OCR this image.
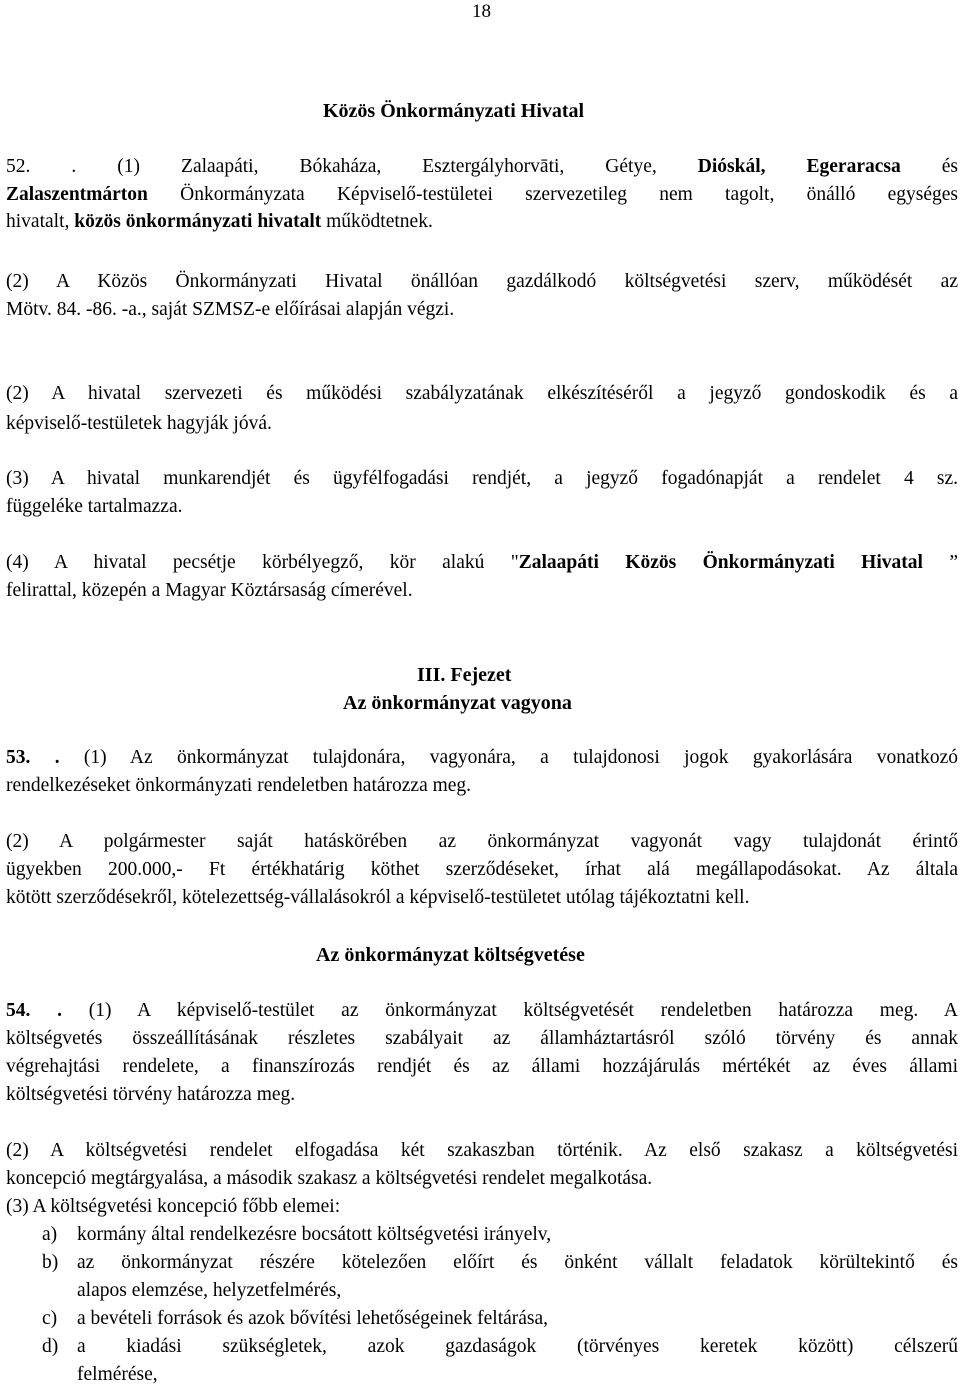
18
Közös Önkormányzati Hivatal
52. . (1) Zalaapáti, Bókaháza, Esztergályhorvāti, Gétye, Dióskál, Egeraracsa és
Zalaszentmárton Önkormányzata Képviselő-testületei szervezetileg nem tagolt, önálló egységes
hivatalt, közös önkormányzati hivatalt működtetnek.
(2) A Közös Önkormányzati Hivatal önállóan gazdálkodó költségvetési szerv, működését az
Mötv. 84. -86. -a., saját SZMSZ-e előírásai alapján végzi.
(2) A hivatal szervezeti és működési szabályzatának elkészítéséről a jegyző gondoskodik és a
képviselő-testületek hagyják jóvá.
(3) A hivatal munkarendjét és ügyfélfogadási rendjét, a jegyző fogadónapját a rendelet 4 sz.
függeléke tartalmazza.
(4) A hivatal pecsétje körbélyegző, kör alakú "Zalaapáti Közös Önkormányzati Hivatal ”
felirattal, közepén a Magyar Köztársaság címerével.
III. Fejezet
Az önkormányzat vagyona
53. . (1) Az önkormányzat tulajdonára, vagyonára, a tulajdonosi jogok gyakorlására vonatkozó
rendelkezéseket önkormányzati rendeletben határozza meg.
(2) A polgármester saját hatáskörében az önkormányzat vagyonát vagy tulajdonát érintő
ügyekben 200.000,- Ft értékhatárig köthet szerződéseket, írhat alá megállapodásokat. Az általa
kötött szerződésekről, kötelezettség-vállalásokról a képviselő-testületet utólag tájékoztatni kell.
Az önkormányzat költségvetése
54. . (1) A képviselő-testület az önkormányzat költségvetését rendeletben határozza meg. A
költségvetés összeállításának részletes szabályait az államháztartásról szóló törvény és annak
végrehajtási rendelete, a finanszírozás rendjét és az állami hozzájárulás mértékét az éves állami
költségvetési törvény határozza meg.
(2) A költségvetési rendelet elfogadása két szakaszban történik. Az első szakasz a költségvetési
koncepció megtárgyalása, a második szakasz a költségvetési rendelet megalkotása.
(3) A költségvetési koncepció főbb elemei:
a) kormány által rendelkezésre bocsátott költségvetési irányelv,
b) az önkormányzat részére kötelezően előírt és önként vállalt feladatok körültekintő és
alapos elemzése, helyzetfelmérés,
c) a bevételi források és azok bővítési lehetőségeinek feltárása,
d) a kiadási szükségletek, azok gazdaságok (törvényes keretek között) célszerű
felmérése,
